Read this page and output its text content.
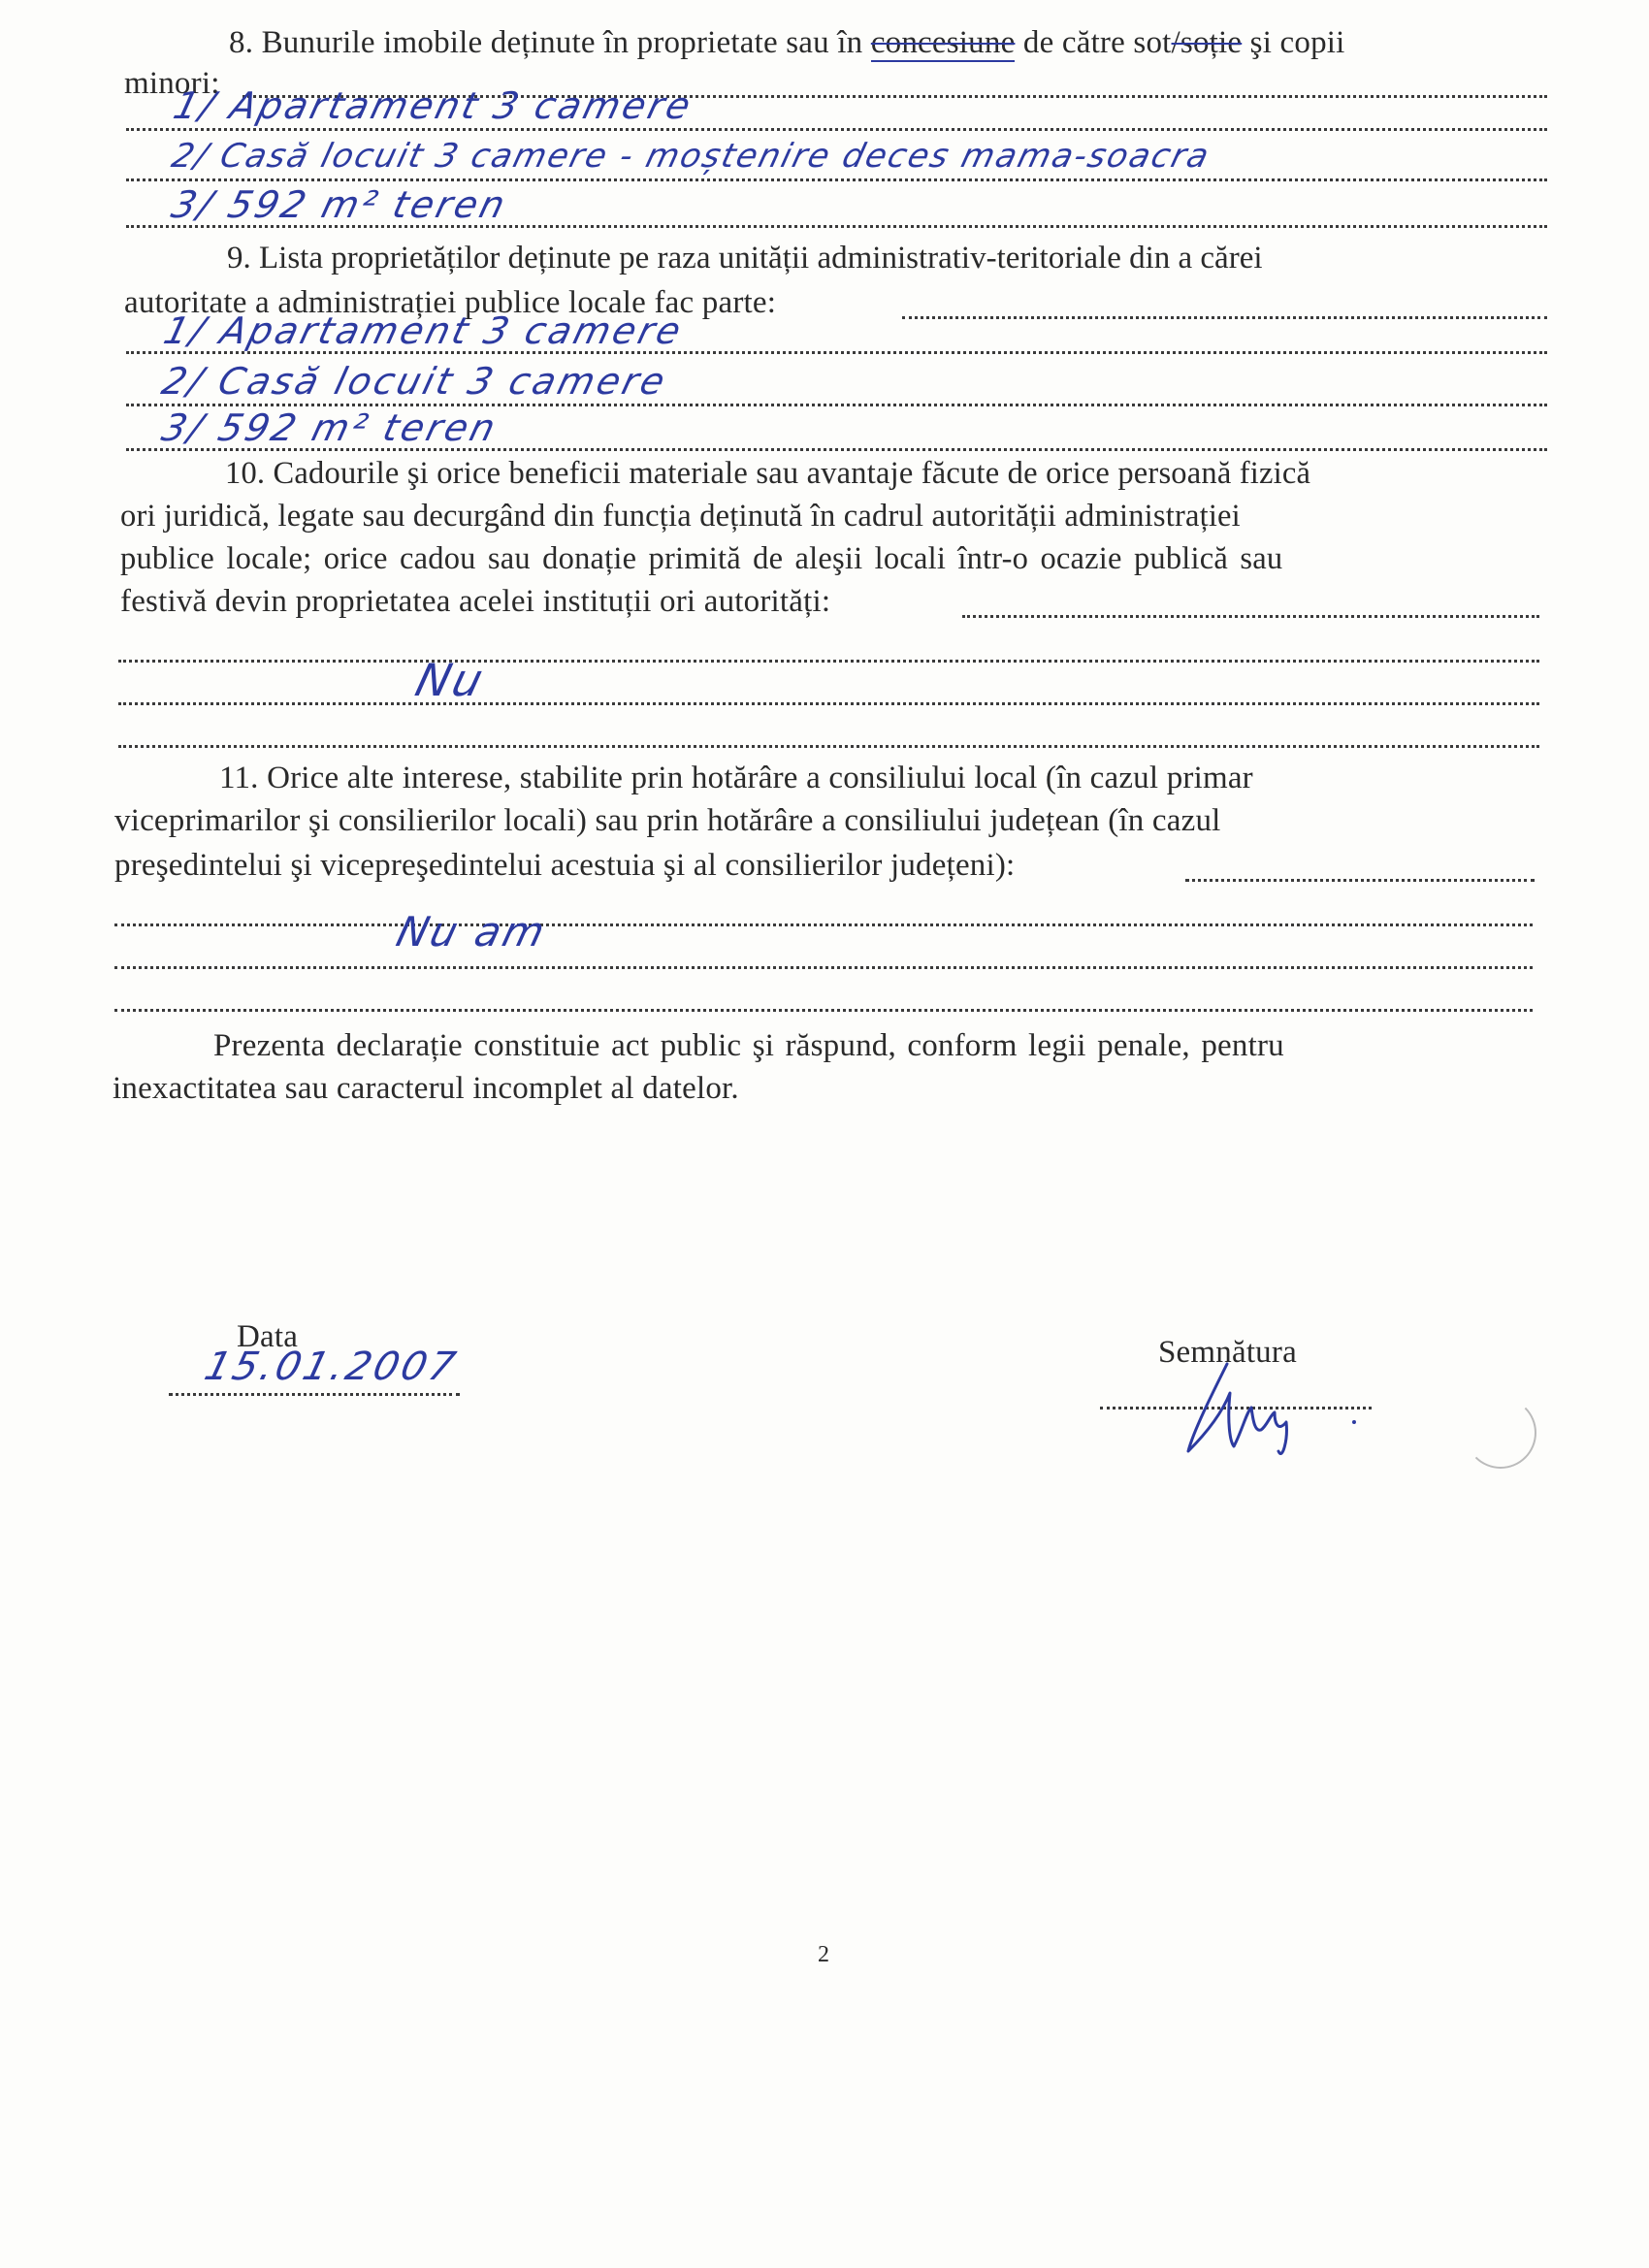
8. Bunurile imobile deținute în proprietate sau în concesiune de către sot/soție şi copii
minori:
1/ Apartament 3 camere
2/ Casă locuit 3 camere - moștenire deces mama-soacra
3/ 592 m² teren
9. Lista proprietăților deținute pe raza unității administrativ-teritoriale din a cărei
autoritate a administrației publice locale fac parte:
1/ Apartament 3 camere
2/ Casă locuit 3 camere
3/ 592 m² teren
10. Cadourile şi orice beneficii materiale sau avantaje făcute de orice persoană fizică
ori juridică, legate sau decurgând din funcția deținută în cadrul autorității administrației
publice locale; orice cadou sau donație primită de aleşii locali într-o ocazie publică sau
festivă devin proprietatea acelei instituții ori autorități:
Nu
11. Orice alte interese, stabilite prin hotărâre a consiliului local (în cazul primar
viceprimarilor şi consilierilor locali) sau prin hotărâre a consiliului județean (în cazul
preşedintelui şi vicepreşedintelui acestuia şi al consilierilor județeni):
Nu am
Prezenta declarație constituie act public şi răspund, conform legii penale, pentru
inexactitatea sau caracterul incomplet al datelor.
Data
15.01.2007	Semnătura
2
